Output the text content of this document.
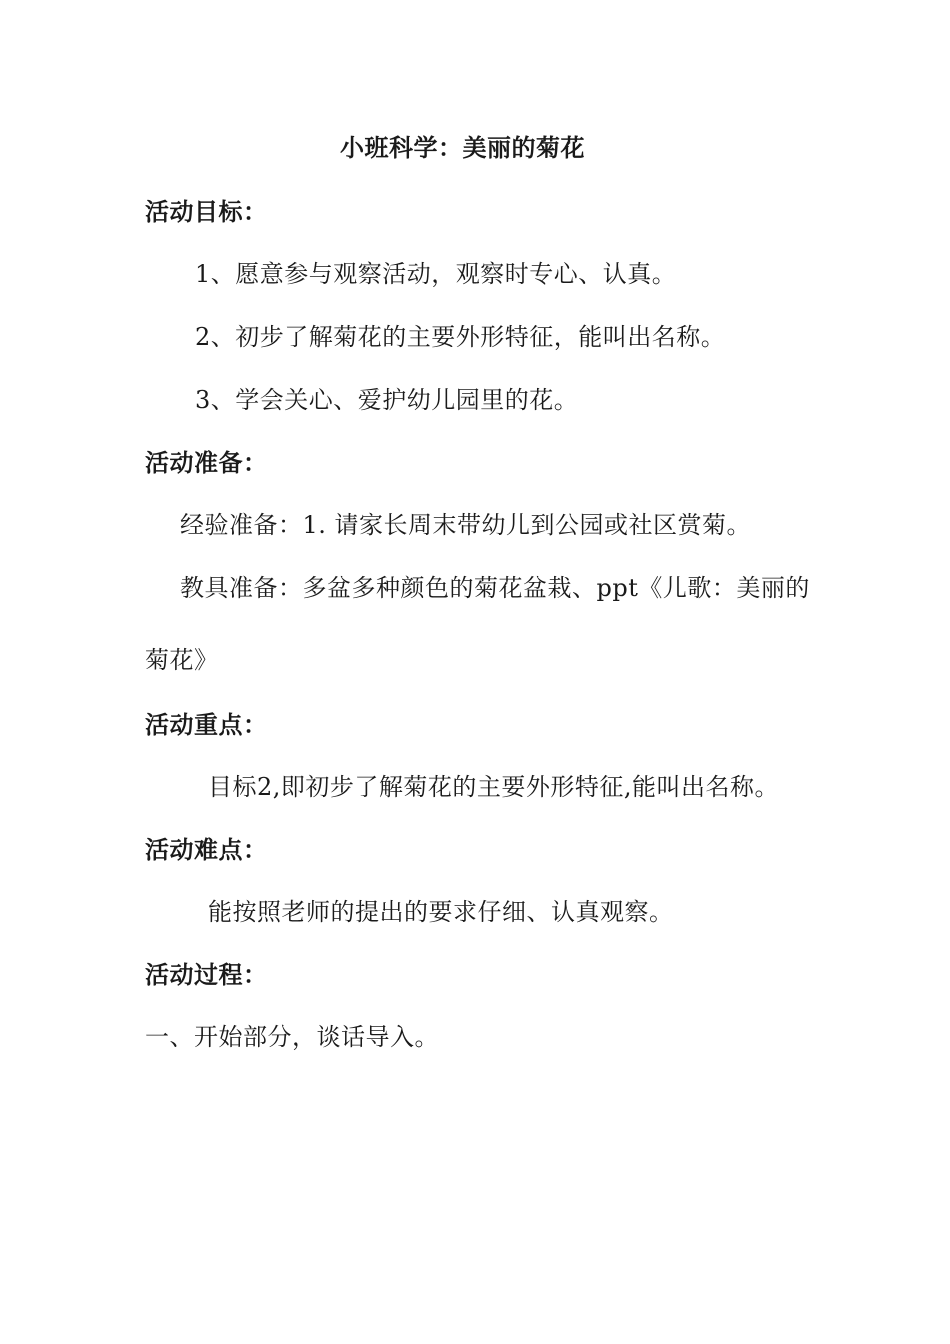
小班科学：美丽的菊花
活动目标：
1、愿意参与观察活动，观察时专心、认真。
2、初步了解菊花的主要外形特征，能叫出名称。
3、学会关心、爱护幼儿园里的花。
活动准备：
经验准备：1. 请家长周末带幼儿到公园或社区赏菊。
教具准备：多盆多种颜色的菊花盆栽、ppt《儿歌：美丽的
菊花》
活动重点：
目标2,即初步了解菊花的主要外形特征,能叫出名称。
活动难点：
能按照老师的提出的要求仔细、认真观察。
活动过程：
一、开始部分，谈话导入。
